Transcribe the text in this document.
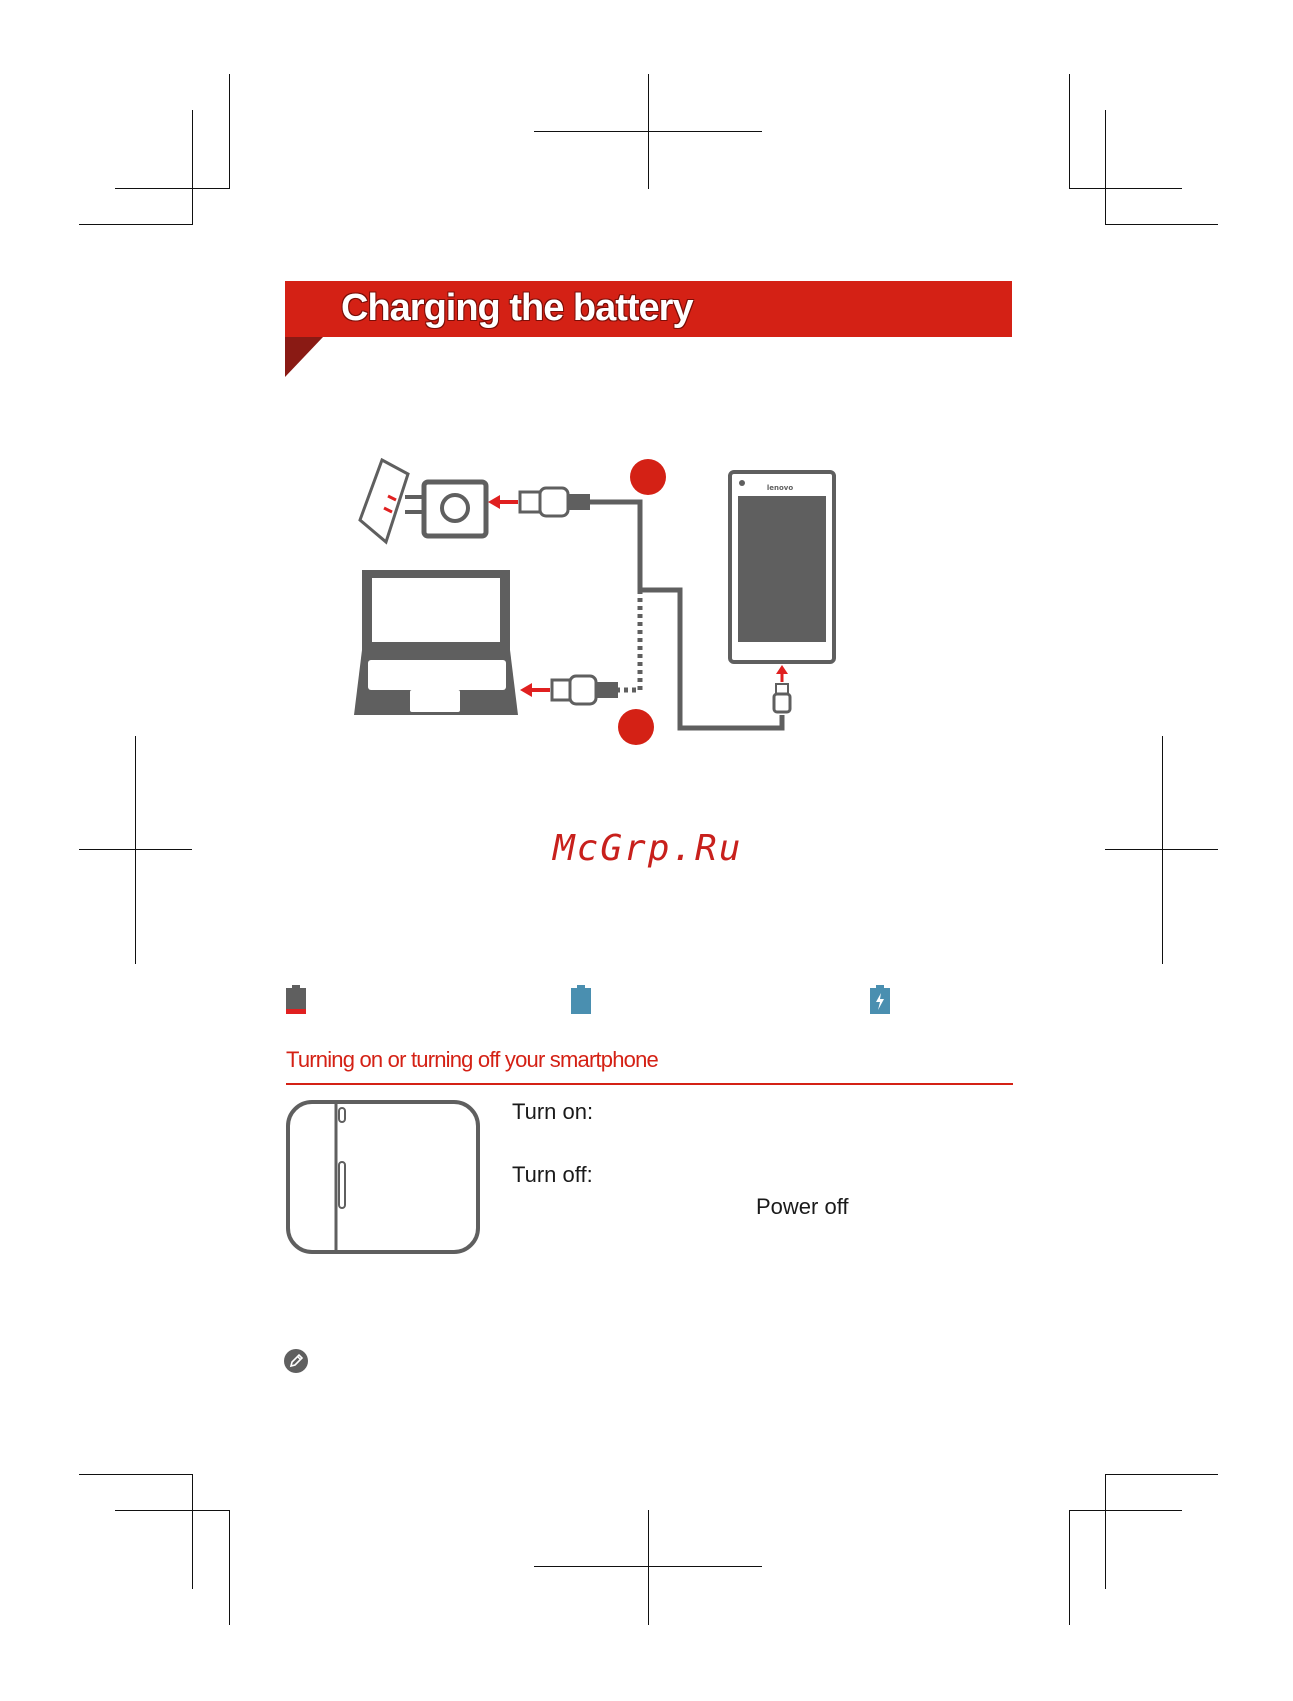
Charging the battery
lenovo
McGrp.Ru
Turning on or turning off your smartphone
Turn on:
Turn off:
Power off
